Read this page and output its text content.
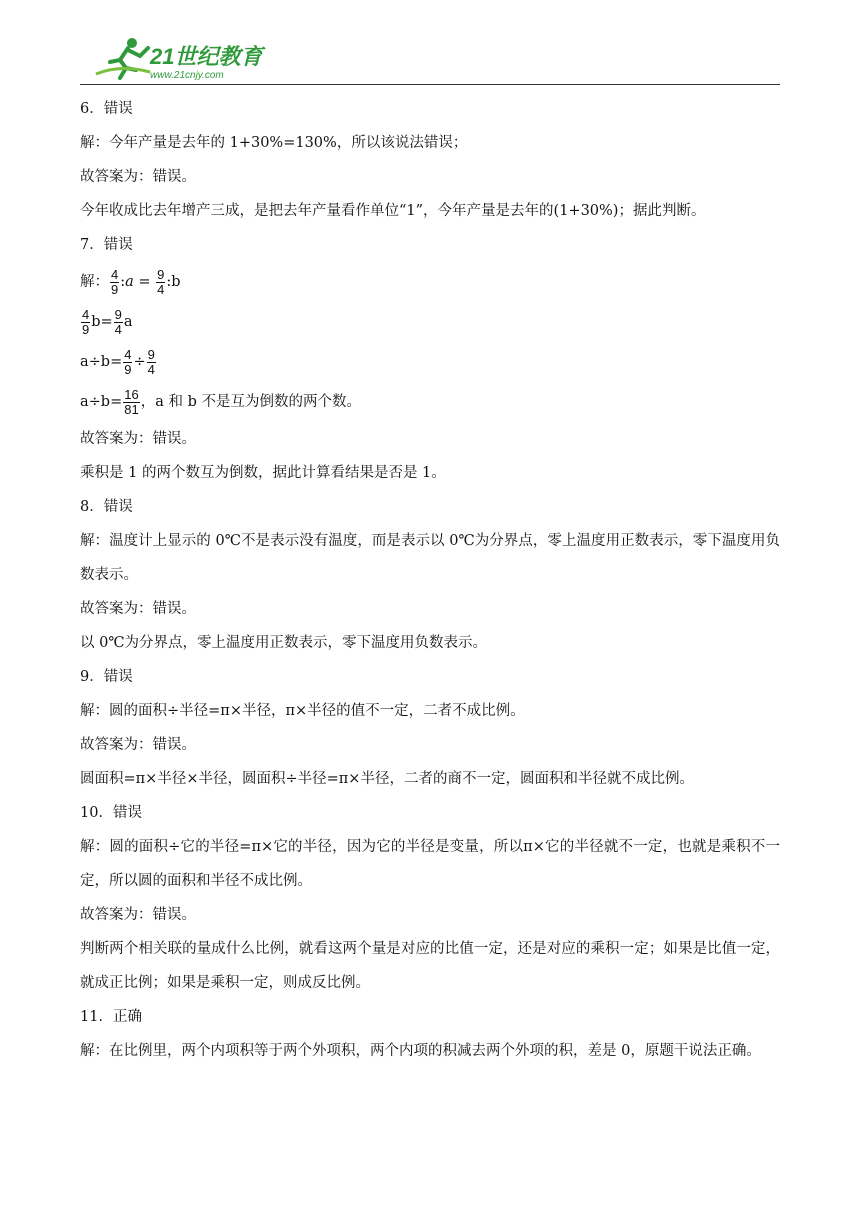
21世纪教育
www.21cnjy.com
6．错误
解：今年产量是去年的 1+30%=130%，所以该说法错误；
故答案为：错误。
今年收成比去年增产三成，是把去年产量看作单位“1”，今年产量是去年的(1+30%)；据此判断。
7．错误
解： $\frac{4}{9}$ :a = $\frac{9}{4}$ :b
$\frac{4}{9} b= \frac{9}{4}$ a
$a\div b= \frac{4}{9} \div \frac{9}{4}$
$a\div b= \frac{16}{81}$ ，a 和 b 不是互为倒数的两个数。
故答案为：错误。
乘积是 1 的两个数互为倒数，据此计算看结果是否是 1。
8．错误
解：温度计上显示的 0℃不是表示没有温度，而是表示以 0℃为分界点，零上温度用正数表示，零下温度用负数表示。
故答案为：错误。
以 0℃为分界点，零上温度用正数表示，零下温度用负数表示。
9．错误
解：圆的面积÷半径=π×半径，π×半径的值不一定，二者不成比例。
故答案为：错误。
圆面积=π×半径×半径，圆面积÷半径=π×半径，二者的商不一定，圆面积和半径就不成比例。
10．错误
解：圆的面积÷它的半径=π×它的半径，因为它的半径是变量，所以π×它的半径就不一定，也就是乘积不一定，所以圆的面积和半径不成比例。
故答案为：错误。
判断两个相关联的量成什么比例，就看这两个量是对应的比值一定，还是对应的乘积一定；如果是比值一定，就成正比例；如果是乘积一定，则成反比例。
11．正确
解：在比例里，两个内项积等于两个外项积，两个内项的积减去两个外项的积，差是 0，原题干说法正确。
